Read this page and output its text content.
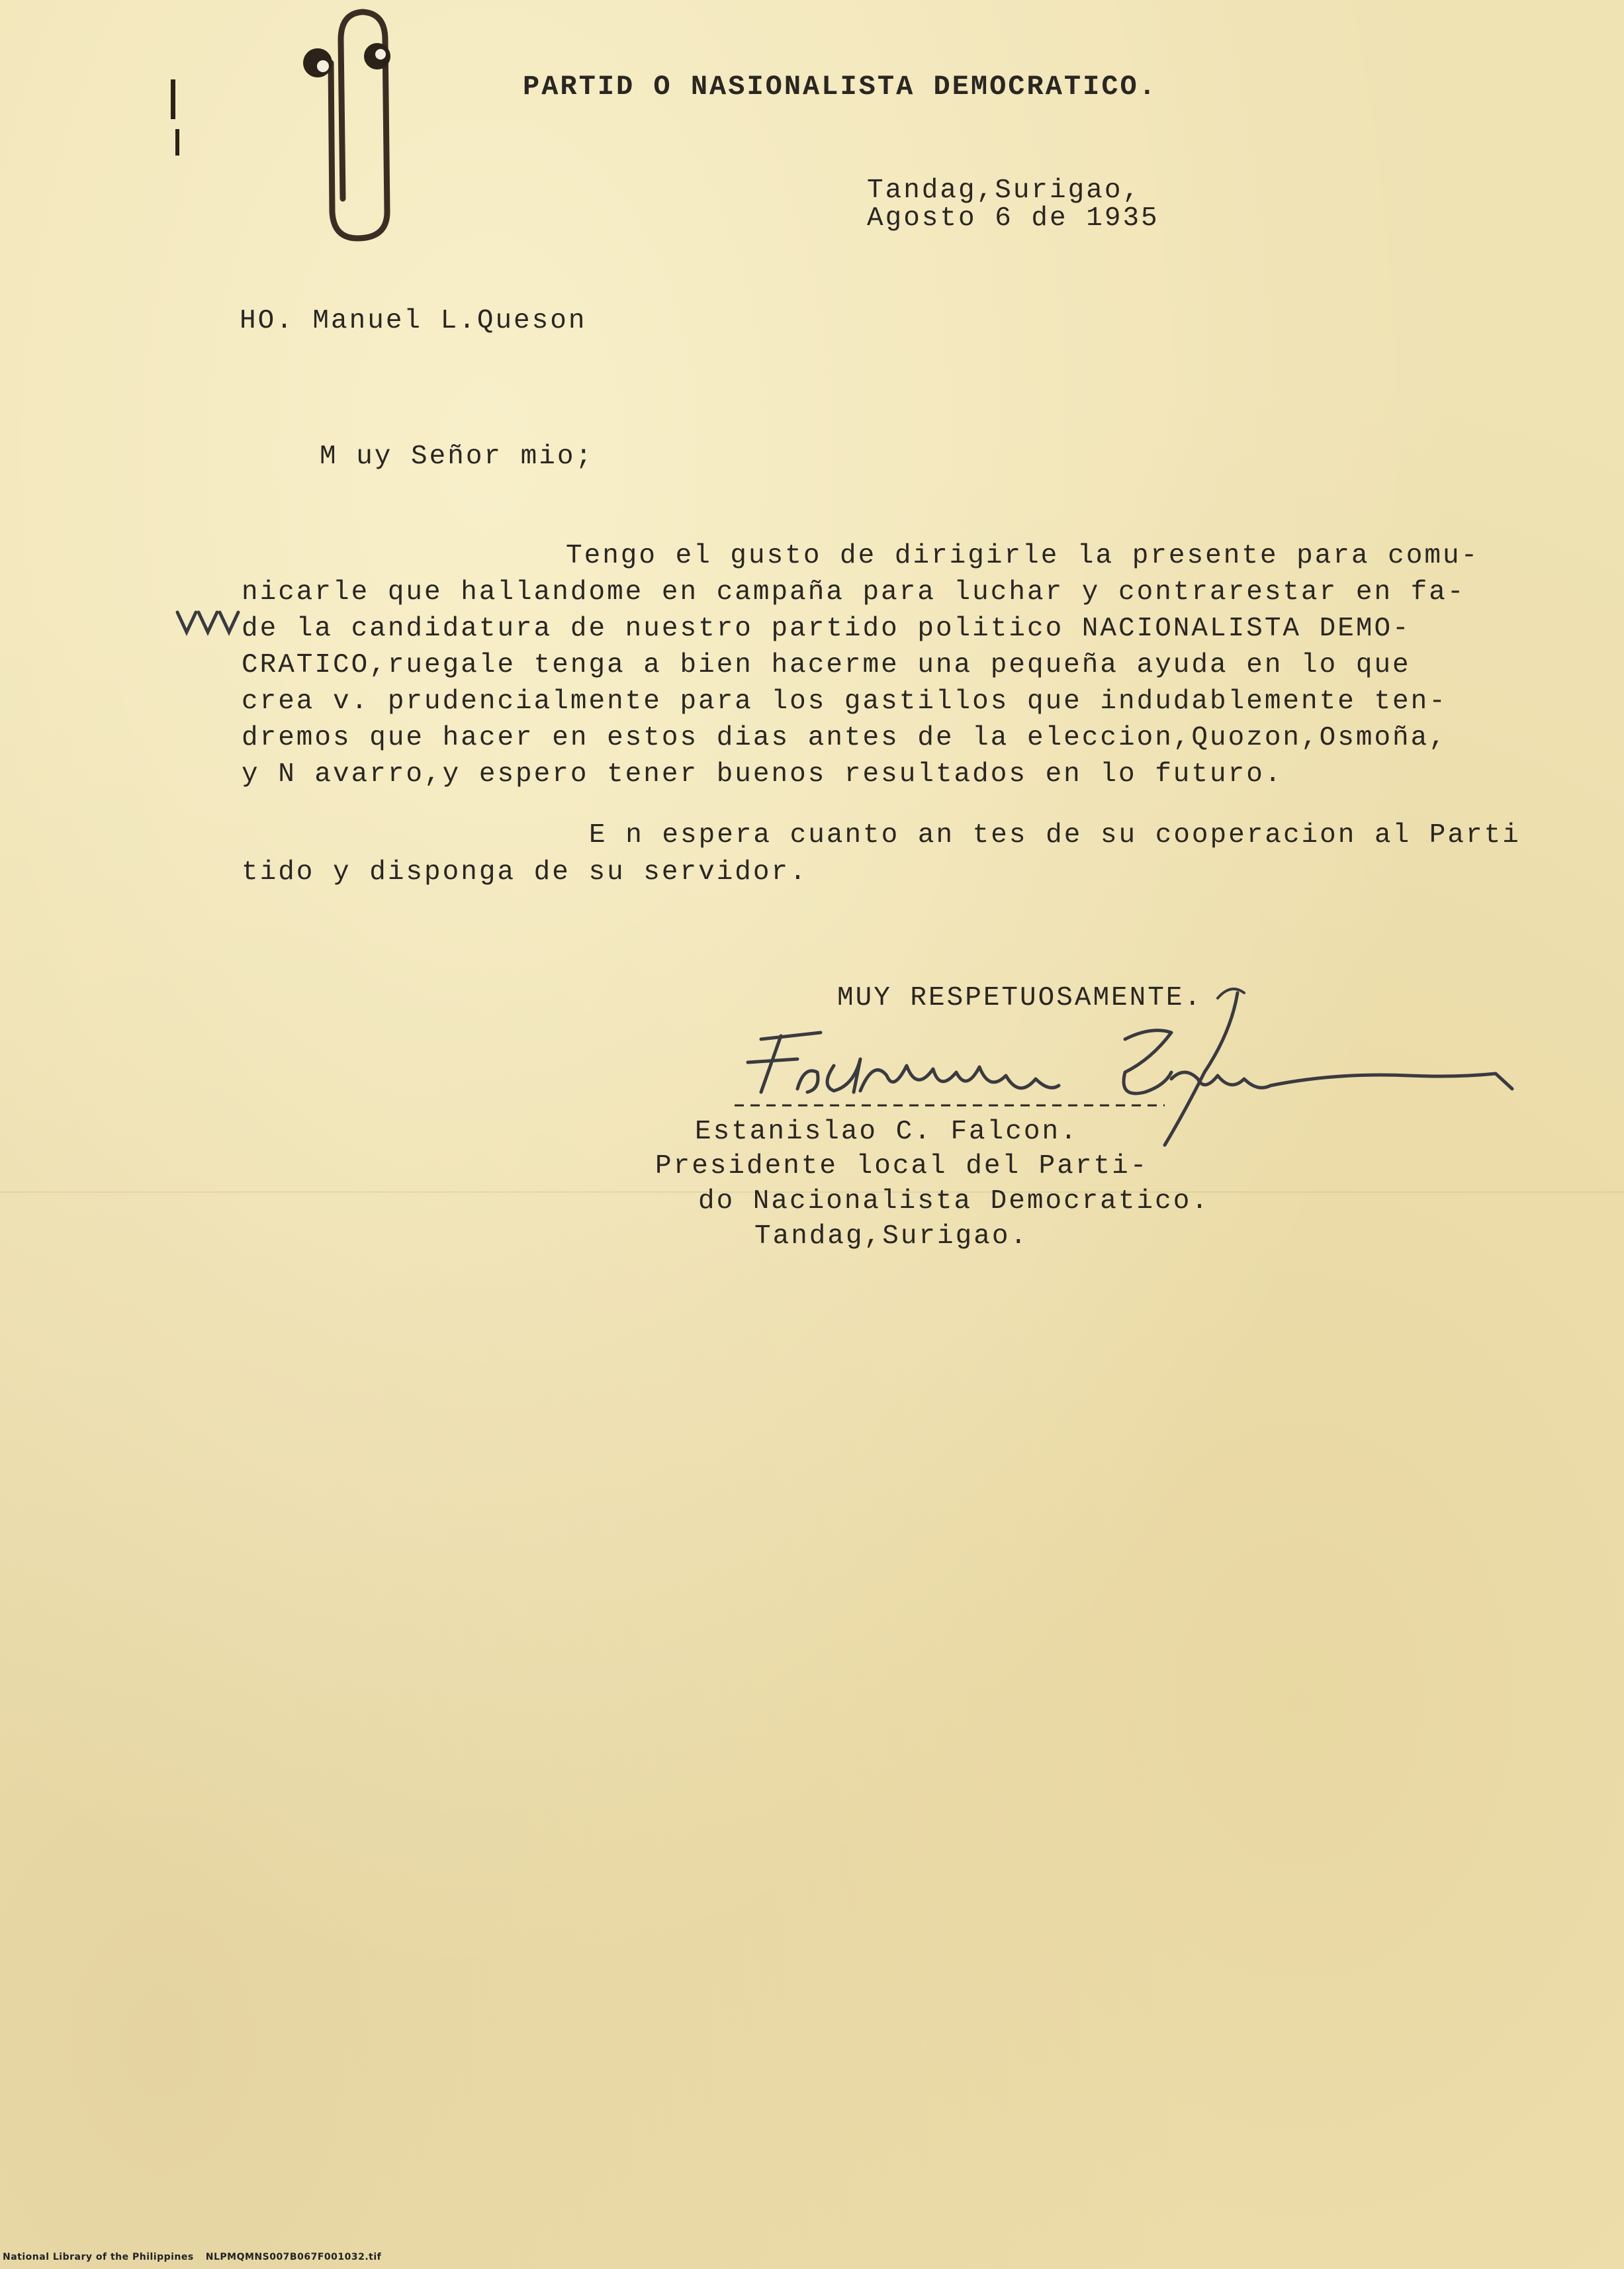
PARTID O NASIONALISTA DEMOCRATICO.
Tandag,Surigao,
Agosto 6 de 1935
HO. Manuel L.Queson
M uy Señor mio;
Tengo el gusto de dirigirle la presente para comu-
nicarle que hallandome en campaña para luchar y contrarestar en fa-
de la candidatura de nuestro partido politico NACIONALISTA DEMO-
CRATICO,ruegale tenga a bien hacerme una pequeña ayuda en lo que
crea v. prudencialmente para los gastillos que indudablemente ten-
dremos que hacer en estos dias antes de la eleccion,Quozon,Osmoña,
y N avarro,y espero tener buenos resultados en lo futuro.
E n espera cuanto an tes de su cooperacion al Parti
tido y disponga de su servidor.
MUY RESPETUOSAMENTE.
Estanislao C. Falcon.
Presidente local del Parti-
do Nacionalista Democratico.
Tandag,Surigao.
National Library of the Philippines NLPMQMNS007B067F001032.tif
